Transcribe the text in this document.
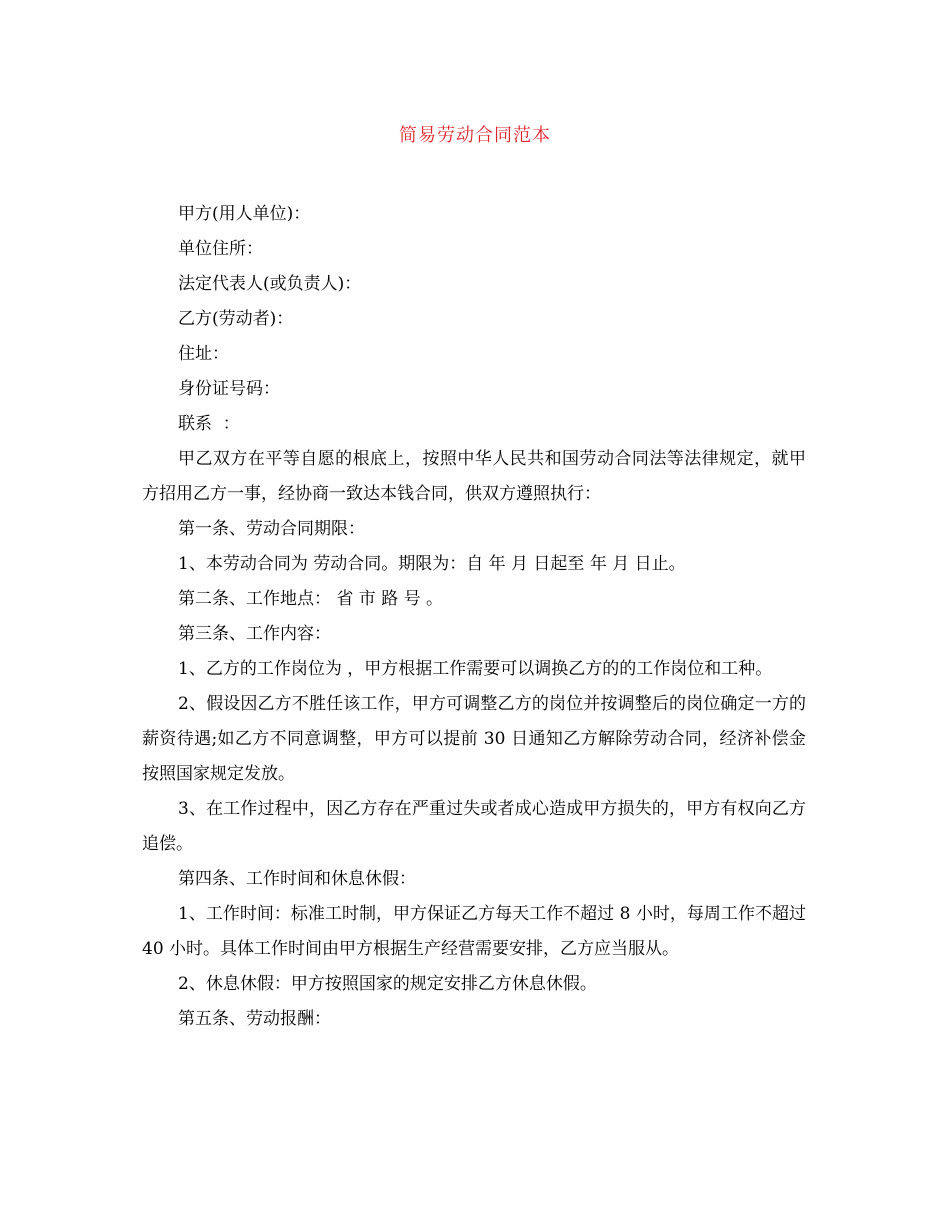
简易劳动合同范本

甲方(用人单位)：

单位住所：

法定代表人(或负责人)：

乙方(劳动者)：

住址：

身份证号码：

联系  ：

甲乙双方在平等自愿的根底上，按照中华人民共和国劳动合同法等法律规定，就甲方招用乙方一事，经协商一致达本钱合同，供双方遵照执行：

第一条、劳动合同期限：

1、本劳动合同为 劳动合同。期限为：自 年 月 日起至 年 月 日止。

第二条、工作地点： 省 市 路 号 。

第三条、工作内容：

1、乙方的工作岗位为 ，甲方根据工作需要可以调换乙方的的工作岗位和工种。

2、假设因乙方不胜任该工作，甲方可调整乙方的岗位并按调整后的岗位确定一方的薪资待遇;如乙方不同意调整，甲方可以提前 30 日通知乙方解除劳动合同，经济补偿金按照国家规定发放。

3、在工作过程中，因乙方存在严重过失或者成心造成甲方损失的，甲方有权向乙方追偿。

第四条、工作时间和休息休假：

1、工作时间：标准工时制，甲方保证乙方每天工作不超过 8 小时，每周工作不超过 40 小时。具体工作时间由甲方根据生产经营需要安排，乙方应当服从。

2、休息休假：甲方按照国家的规定安排乙方休息休假。

第五条、劳动报酬：
